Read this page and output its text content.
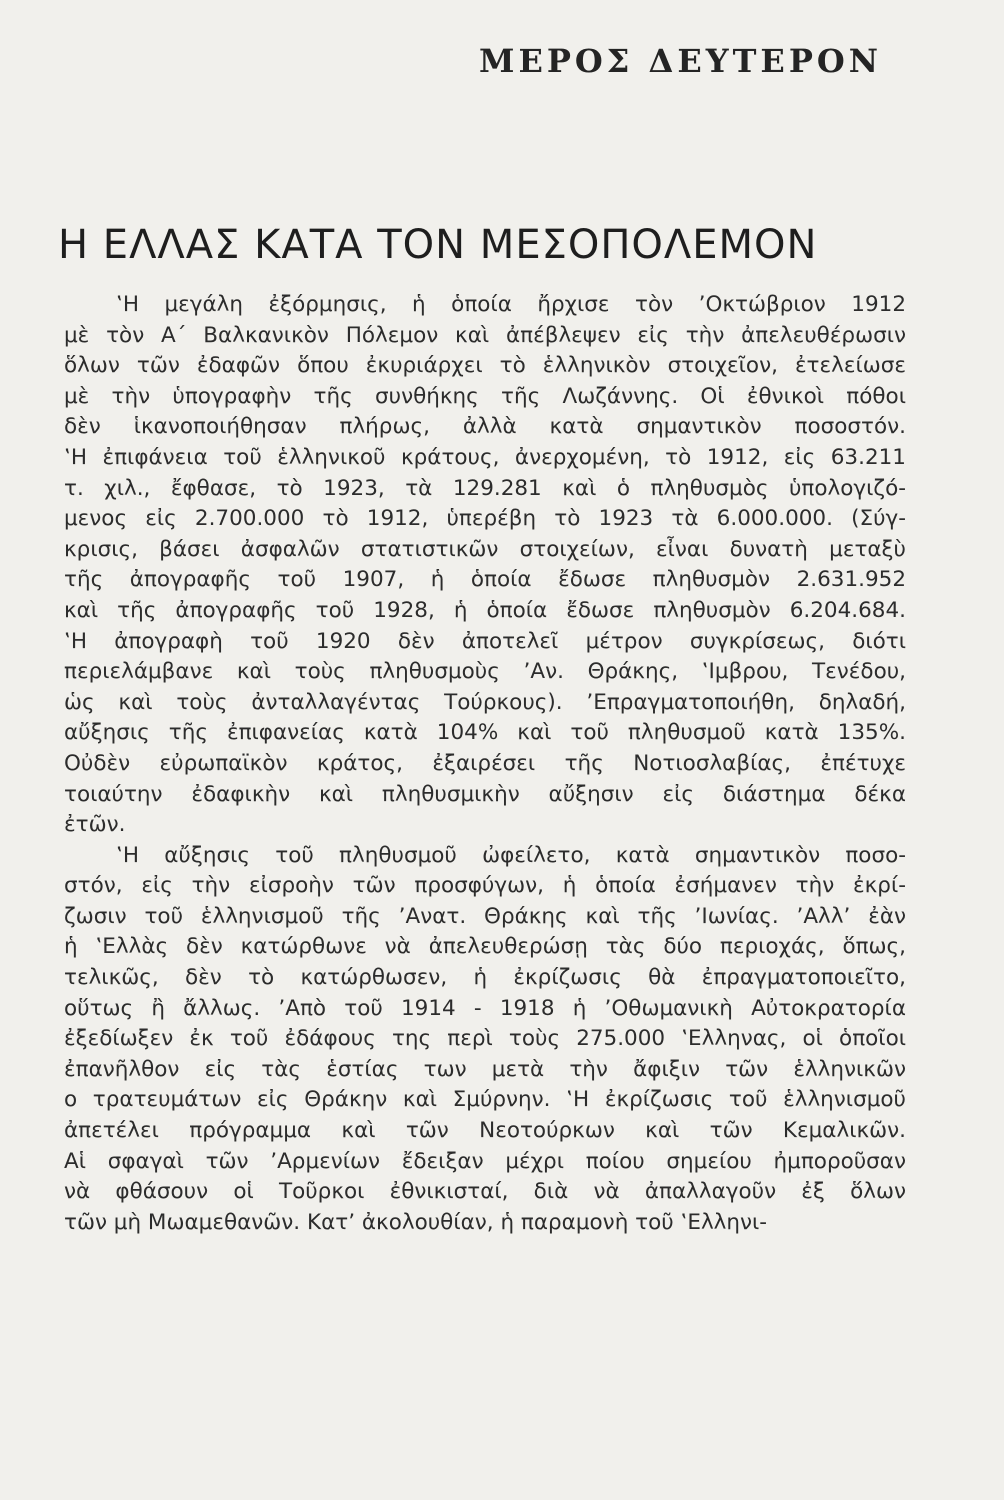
ΜΕΡΟΣ ΔΕΥΤΕΡΟΝ
Η ΕΛΛΑΣ ΚΑΤΑ ΤΟΝ ΜΕΣΟΠΟΛΕΜΟΝ
‛Η μεγάλη ἐξόρμησις, ἡ ὁποία ἤρχισε τὸν ’Οκτώβριον 1912
μὲ τὸν Α΄ Βαλκανικὸν Πόλεμον καὶ ἀπέβλεψεν εἰς τὴν ἀπελευθέρωσιν
ὅλων τῶν ἐδαφῶν ὅπου ἐκυριάρχει τὸ ἑλληνικὸν στοιχεῖον, ἐτελείωσε
μὲ τὴν ὑπογραφὴν τῆς συνθήκης τῆς Λωζάννης. Οἱ ἐθνικοὶ πόθοι
δὲν ἱκανοποιήθησαν πλήρως, ἀλλὰ κατὰ σημαντικὸν ποσοστόν.
‛Η ἐπιφάνεια τοῦ ἑλληνικοῦ κράτους, ἀνερχομένη, τὸ 1912, εἰς 63.211
τ. χιλ., ἔφθασε, τὸ 1923, τὰ 129.281 καὶ ὁ πληθυσμὸς ὑπολογιζό-
μενος εἰς 2.700.000 τὸ 1912, ὑπερέβη τὸ 1923 τὰ 6.000.000. (Σύγ-
κρισις, βάσει ἀσφαλῶν στατιστικῶν στοιχείων, εἶναι δυνατὴ μεταξὺ
τῆς ἀπογραφῆς τοῦ 1907, ἡ ὁποία ἔδωσε πληθυσμὸν 2.631.952
καὶ τῆς ἀπογραφῆς τοῦ 1928, ἡ ὁποία ἔδωσε πληθυσμὸν 6.204.684.
‛Η ἀπογραφὴ τοῦ 1920 δὲν ἀποτελεῖ μέτρον συγκρίσεως, διότι
περιελάμβανε καὶ τοὺς πληθυσμοὺς ’Αν. Θράκης, ‛Ιμβρου, Τενέδου,
ὡς καὶ τοὺς ἀνταλλαγέντας Τούρκους). ’Επραγματοποιήθη, δηλαδή,
αὔξησις τῆς ἐπιφανείας κατὰ 104% καὶ τοῦ πληθυσμοῦ κατὰ 135%.
Οὐδὲν εὐρωπαϊκὸν κράτος, ἐξαιρέσει τῆς Νοτιοσλαβίας, ἐπέτυχε
τοιαύτην ἐδαφικὴν καὶ πληθυσμικὴν αὔξησιν εἰς διάστημα δέκα
ἐτῶν.
‛Η αὔξησις τοῦ πληθυσμοῦ ὠφείλετο, κατὰ σημαντικὸν ποσο-
στόν, εἰς τὴν εἰσροὴν τῶν προσφύγων, ἡ ὁποία ἐσήμανεν τὴν ἐκρί-
ζωσιν τοῦ ἑλληνισμοῦ τῆς ’Ανατ. Θράκης καὶ τῆς ’Ιωνίας. ’Αλλ’ ἐὰν
ἡ ‛Ελλὰς δὲν κατώρθωνε νὰ ἀπελευθερώσῃ τὰς δύο περιοχάς, ὅπως,
τελικῶς, δὲν τὸ κατώρθωσεν, ἡ ἐκρίζωσις θὰ ἐπραγματοποιεῖτο,
οὕτως ἢ ἄλλως. ’Απὸ τοῦ 1914 - 1918 ἡ ’Οθωμανικὴ Αὐτοκρατορία
ἐξεδίωξεν ἐκ τοῦ ἐδάφους της περὶ τοὺς 275.000 ‛Ελληνας, οἱ ὁποῖοι
ἐπανῆλθον εἰς τὰς ἑστίας των μετὰ τὴν ἄφιξιν τῶν ἑλληνικῶν
ο τρατευμάτων εἰς Θράκην καὶ Σμύρνην. ‛Η ἐκρίζωσις τοῦ ἑλληνισμοῦ
ἀπετέλει πρόγραμμα καὶ τῶν Νεοτούρκων καὶ τῶν Κεμαλικῶν.
Αἱ σφαγαὶ τῶν ’Αρμενίων ἔδειξαν μέχρι ποίου σημείου ἠμποροῦσαν
νὰ φθάσουν οἱ Τοῦρκοι ἐθνικισταί, διὰ νὰ ἀπαλλαγοῦν ἐξ ὅλων
τῶν μὴ Μωαμεθανῶν. Κατ’ ἀκολουθίαν, ἡ παραμονὴ τοῦ ‛Ελληνι-
